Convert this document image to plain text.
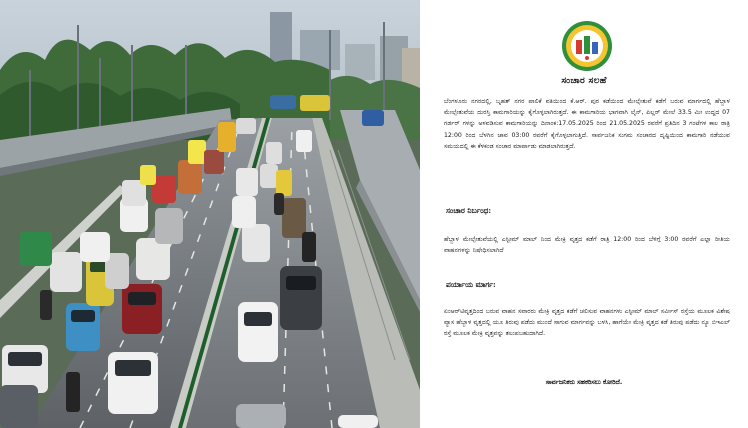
ಸಂಚಾರ ಸಲಹೆ
ಬೆಂಗಳೂರು ನಗರದಲ್ಲಿ, ಬೃಹತ್ ನಗರ ಪಾಲಿಕೆ ವತಿಯಿಂದ ಕೆ.ಆರ್. ಪುರ ಕಡೆಯಿಂದ ಮೇಲ್ಸೇತುವೆ ಕಡೆಗೆ ಬರುವ ಮಾರ್ಗದಲ್ಲಿ ಹೆಬ್ಬಾಳ ಮೇಲ್ಸೇತುವೆಯ ದುರಸ್ತಿ ಕಾಮಗಾರಿಯನ್ನು ಕೈಗೊಳ್ಳಲಾಗಿರುತ್ತದೆ. ಈ ಕಾಮಗಾರಿಯ ಭಾಗವಾಗಿ ಲೈನ್, ಪಿಲ್ಲರ್ ಮೇಲೆ 33.5 ಮೀ ಉದ್ದದ 07 ಗರ್ಡರ್ ಗಳನ್ನು ಅಳವಡಿಸುವ ಕಾಮಗಾರಿಯನ್ನು ದಿನಾಂಕ:17.05.2025 ರಿಂದ 21.05.2025 ರವರೆಗೆ ಪ್ರತಿದಿನ 3 ಗಂಟೆಗಳ ಕಾಲ ರಾತ್ರಿ 12:00 ರಿಂದ ಬೆಳಗಿನ ಜಾವ 03:00 ರವರೆಗೆ ಕೈಗೊಳ್ಳಲಾಗುತ್ತಿದೆ. ಸಾರ್ವಜನಿಕ ಸುಗಮ ಸಂಚಾರದ ದೃಷ್ಟಿಯಿಂದ ಕಾಮಗಾರಿ ನಡೆಯುವ ಸಮಯದಲ್ಲಿ ಈ ಕೆಳಕಂಡ ಸಂಚಾರ ಮಾರ್ಪಾಡು ಮಾಡಲಾಗಿರುತ್ತದೆ.
ಸಂಚಾರ ನಿರ್ಬಂಧ:
ಹೆಬ್ಬಾಳ ಮೇಲ್ಸೇತುವೆಯಲ್ಲಿ ಎಸ್ಟೀಮ್ ಮಾಲ್ ನಿಂದ ಮೇಕ್ರಿ ವೃತ್ತದ ಕಡೆಗೆ ರಾತ್ರಿ 12:00 ರಿಂದ ಬೆಳಿಗ್ಗೆ 3:00 ರವರೆಗೆ ಎಲ್ಲಾ ರೀತಿಯ ವಾಹನಗಳನ್ನು ನಿಷೇಧಿಸಲಾಗಿದೆ
ಪರ್ಯಾಯ ಮಾರ್ಗ:
ಏಂಆರ್‌ಟಿವೃತ್ತದಿಂದ ಬರುವ ವಾಹನ ಸವಾರರು ಮೇಕ್ರಿ ವೃತ್ತದ ಕಡೆಗೆ ಚಲಿಸುವ ವಾಹನಗಳು ಎಸ್ಟೀಮ್ ಮಾಲ್ ಸರ್ವೀಸ್ ರಸ್ತೆಯ ಮೂಲಕ ವಿಶೇಷ ವ್ಯಾಸ ಹೆಬ್ಬಾಳ ವೃತ್ತದಲ್ಲಿ ಯೂ ತಿರುವು ಪಡೆದು ಮುಂದೆ ಸಾಗುವ ಮಾರ್ಗವನ್ನು ಬಳಸಿ, ಹಾಗೆಯೇ ಮೇಕ್ರಿ ವೃತ್ತದ ಕಡೆ ತಿರುವು ಪಡೆದು ನ್ಯೂ ಬಿಇಎಲ್ ರಸ್ತೆ ಮೂಲಕ ಮೇಕ್ರಿ ವೃತ್ತವನ್ನು ತಲುಪಬಹುದಾಗಿದೆ.
ಸಾರ್ವಜನಿಕರು ಸಹಕರಿಸಲು ಕೋರಿದೆ.
